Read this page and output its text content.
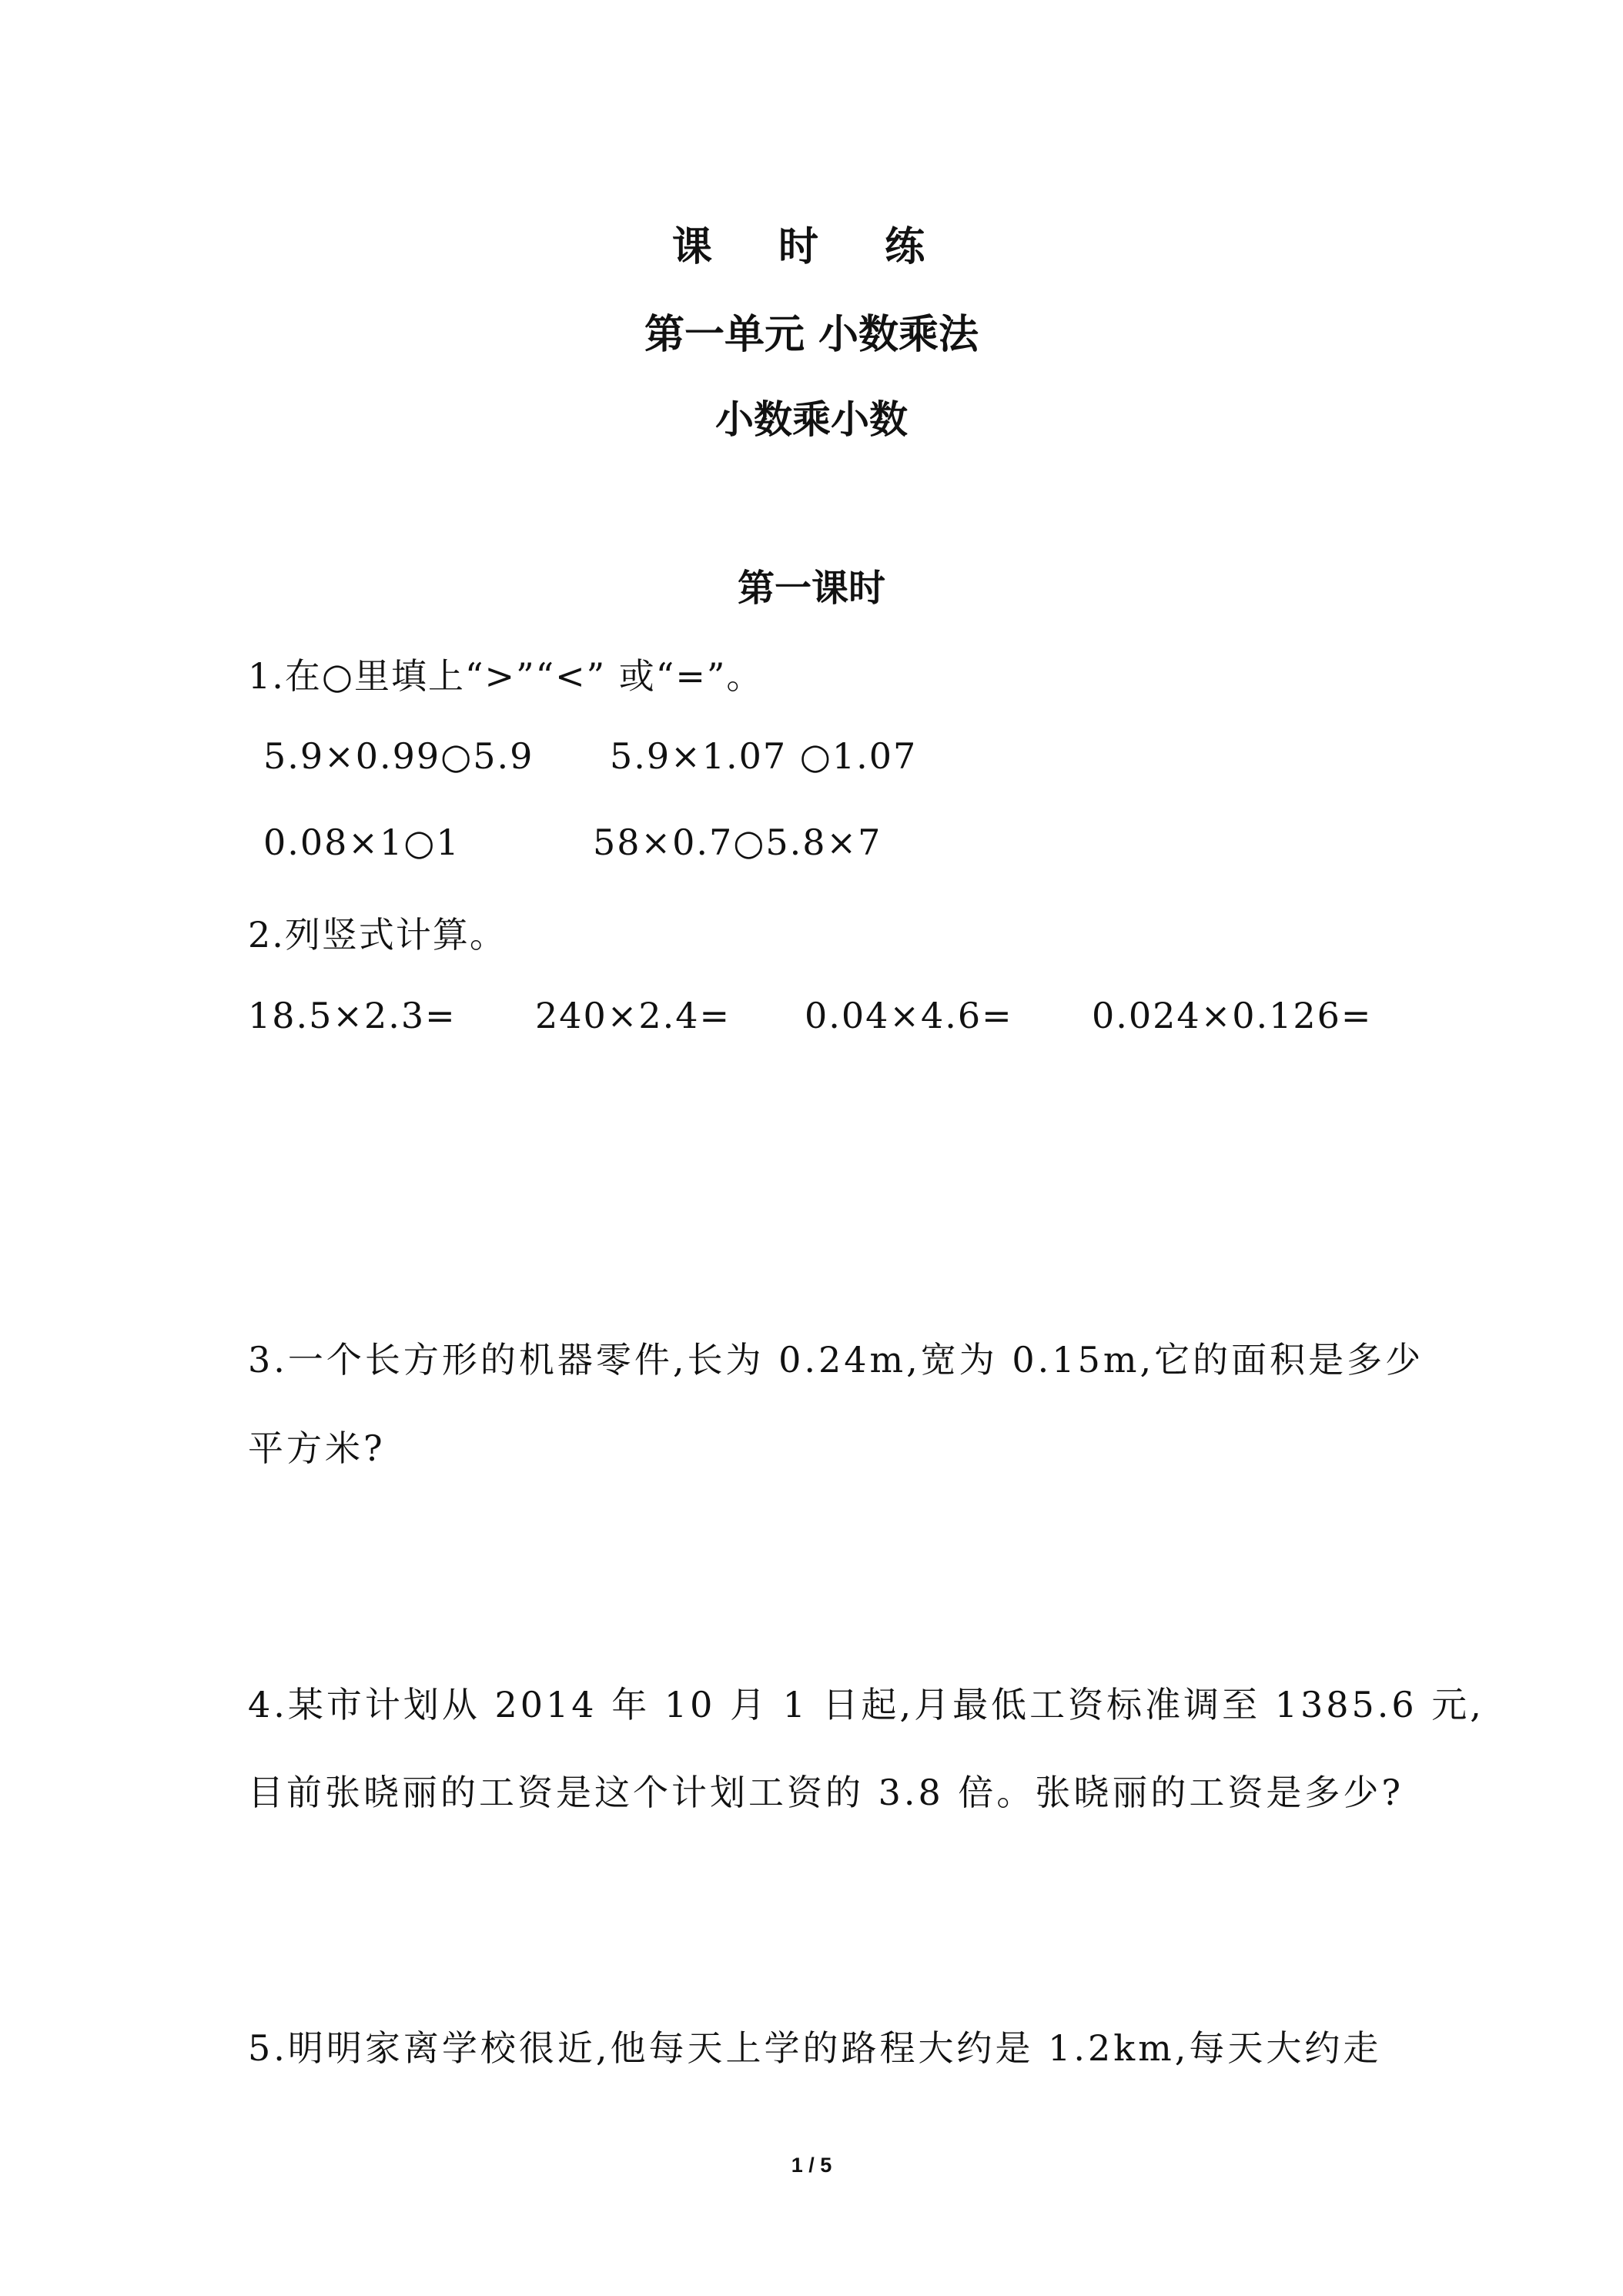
课 时 练
第一单元 小数乘法
小数乘小数
第一课时
1.在○里填上“>”“<” 或“=”。
5.9×0.99○5.9 5.9×1.07 ○1.07
0.08×1○1	58×0.7○5.8×7
2.列竖式计算。
18.5×2.3= 240×2.4= 0.04×4.6= 0.024×0.126=
3.一个长方形的机器零件,长为 0.24m,宽为 0.15m,它的面积是多少
平方米?
4.某市计划从 2014 年 10 月 1 日起,月最低工资标准调至 1385.6 元,
目前张晓丽的工资是这个计划工资的 3.8 倍。张晓丽的工资是多少?
5.明明家离学校很近,他每天上学的路程大约是 1.2km,每天大约走
1 / 5
